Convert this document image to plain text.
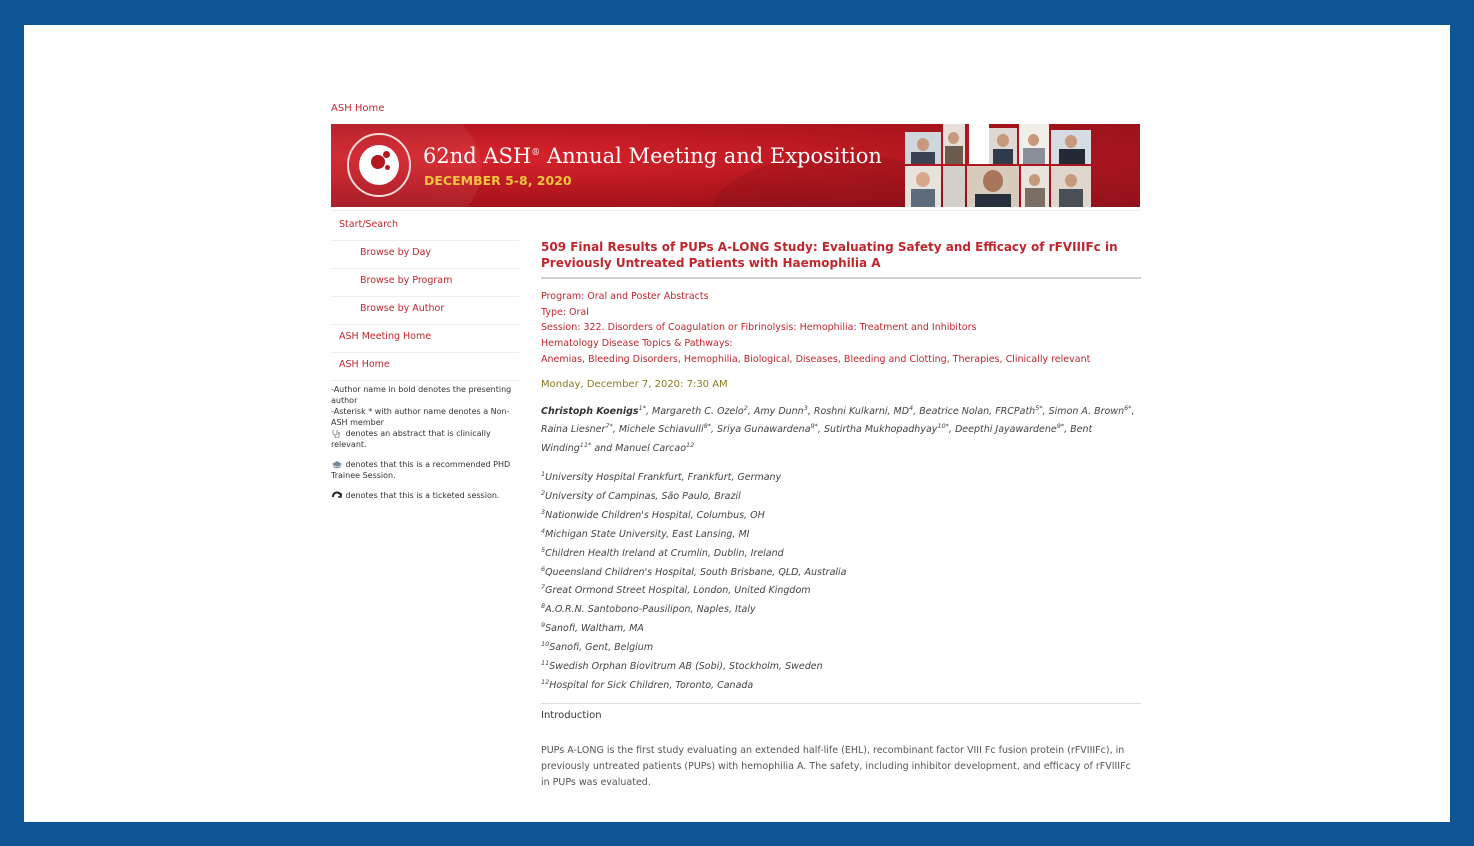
ASH Home
62nd ASH® Annual Meeting and Exposition
DECEMBER 5-8, 2020
Start/Search
Browse by Day
Browse by Program
Browse by Author
ASH Meeting Home
ASH Home

-Author name in bold denotes the presenting author

-Asterisk * with author name denotes a Non-ASH member

denotes an abstract that is clinically relevant.

denotes that this is a recommended PHD Trainee Session.

denotes that this is a ticketed session.

509 Final Results of PUPs A-LONG Study: Evaluating Safety and Efficacy of rFVIIIFc in Previously Untreated Patients with Haemophilia A
Program: Oral and Poster Abstracts
Type: Oral
Session: 322. Disorders of Coagulation or Fibrinolysis: Hemophilia: Treatment and Inhibitors
Hematology Disease Topics & Pathways:
Anemias, Bleeding Disorders, Hemophilia, Biological, Diseases, Bleeding and Clotting, Therapies, Clinically relevant
Monday, December 7, 2020: 7:30 AM
Christoph Koenigs$^{1*}$, Margareth C. Ozelo$^2$, Amy Dunn$^3$, Roshni Kulkarni, $MD^4$, Beatrice Nolan, FRCPath$^{5*}$, Simon A. Brown$^{6*}$, Raina Liesner$^{7*}$, Michele Schiavulli$^{8*}$, Sriya Gunawardena$^{9*}$, Sutirtha Mukhopadhyay$^{10*}$, Deepthi Jayawardene$^{9*}$, Bent Winding$^{11*}$ and Manuel Carcao$^{12}$
$^1$University Hospital Frankfurt, Frankfurt, Germany
$^2$University of Campinas, São Paulo, Brazil
$^3$Nationwide Children's Hospital, Columbus, OH
$^4$Michigan State University, East Lansing, MI
$^5$Children Health Ireland at Crumlin, Dublin, Ireland
$^6$Queensland Children's Hospital, South Brisbane, QLD, Australia
$^7$Great Ormond Street Hospital, London, United Kingdom
$^8$A.O.R.N. Santobono-Pausilipon, Naples, Italy
$^9$Sanofi, Waltham, MA
$^{10}$Sanofi, Gent, Belgium
$^{11}$Swedish Orphan Biovitrum AB (Sobi), Stockholm, Sweden
$^{12}$Hospital for Sick Children, Toronto, Canada
Introduction
PUPs A-LONG is the first study evaluating an extended half-life (EHL), recombinant factor VIII Fc fusion protein (rFVIIIFc), in previously untreated patients (PUPs) with hemophilia A. The safety, including inhibitor development, and efficacy of rFVIIIFc in PUPs was evaluated.
